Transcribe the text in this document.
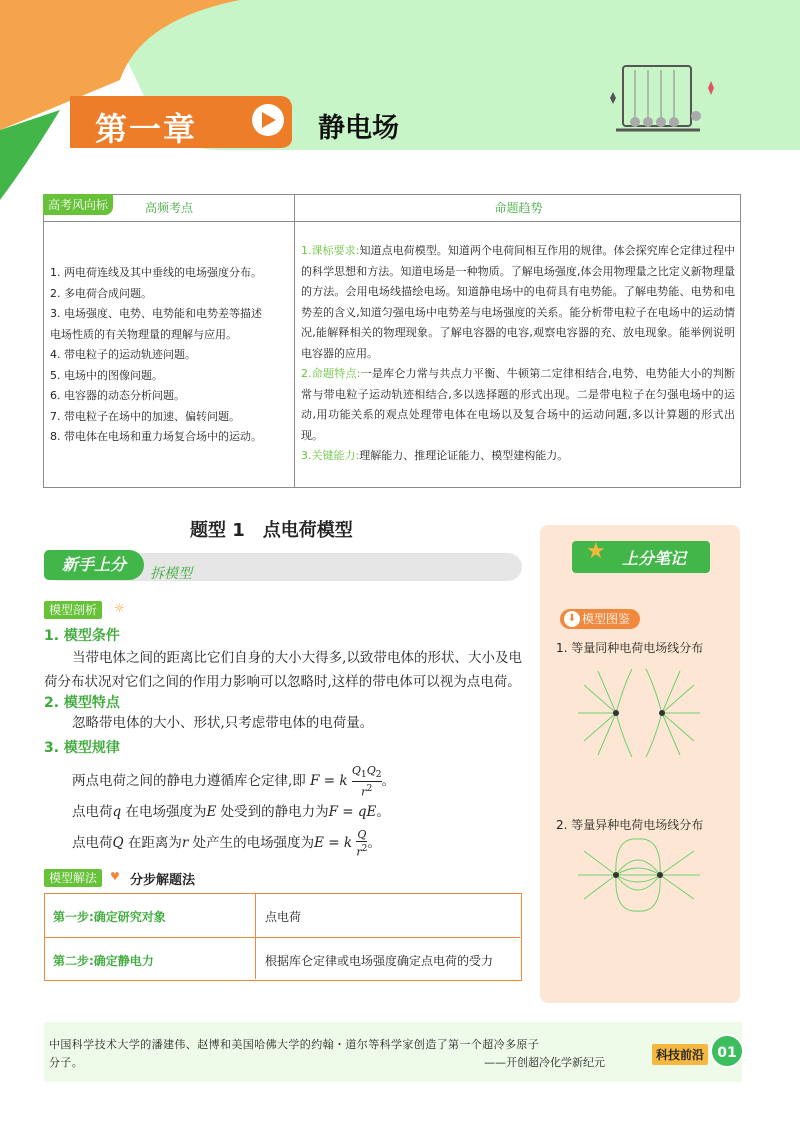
第一章	静电场
高频考点	命题趋势
高考风向标
1. 两电荷连线及其中垂线的电场强度分布。
2. 多电荷合成问题。
3. 电场强度、电势、电势能和电势差等描述
电场性质的有关物理量的理解与应用。
4. 带电粒子的运动轨迹问题。
5. 电场中的图像问题。
6. 电容器的动态分析问题。
7. 带电粒子在场中的加速、偏转问题。
8. 带电体在电场和重力场复合场中的运动。
1.课标要求:知道点电荷模型。知道两个电荷间相互作用的规律。体会探究库仑定律过程中的科学思想和方法。知道电场是一种物质。了解电场强度,体会用物理量之比定义新物理量的方法。会用电场线描绘电场。知道静电场中的电荷具有电势能。了解电势能、电势和电势差的含义,知道匀强电场中电势差与电场强度的关系。能分析带电粒子在电场中的运动情况,能解释相关的物理现象。了解电容器的电容,观察电容器的充、放电现象。能举例说明电容器的应用。
2.命题特点:一是库仑力常与共点力平衡、牛顿第二定律相结合,电势、电势能大小的判断常与带电粒子运动轨迹相结合,多以选择题的形式出现。二是带电粒子在匀强电场中的运动,用功能关系的观点处理带电体在电场以及复合场中的运动问题,多以计算题的形式出现。
3.关键能力:理解能力、推理论证能力、模型建构能力。
题型 1　点电荷模型
新手上分	拆模型
模型剖析	☼
1. 模型条件
当带电体之间的距离比它们自身的大小大得多,以致带电体的形状、大小及电荷分布状况对它们之间的作用力影响可以忽略时,这样的带电体可以视为点电荷。
2. 模型特点
忽略带电体的大小、形状,只考虑带电体的电荷量。
3. 模型规律
两点电荷之间的静电力遵循库仑定律,即 F = k $\frac{Q_1Q_2}{r^2}$ 。
点电荷q 在电场强度为E 处受到的静电力为F = qE。
点电荷Q 在距离为r 处产生的电场强度为E = k $\frac{Q}{r^2}$ 。
模型解法	♥ 分步解题法
第一步:确定研究对象	点电荷
第二步:确定静电力	根据库仑定律或电场强度确定点电荷的受力
★ 上分笔记
模型图鉴
⬇
1. 等量同种电荷电场线分布
2. 等量异种电荷电场线分布
中国科学技术大学的潘建伟、赵博和美国哈佛大学的约翰・道尔等科学家创造了第一个超冷多原子
分子。	——开创超冷化学新纪元
科技前沿 01
